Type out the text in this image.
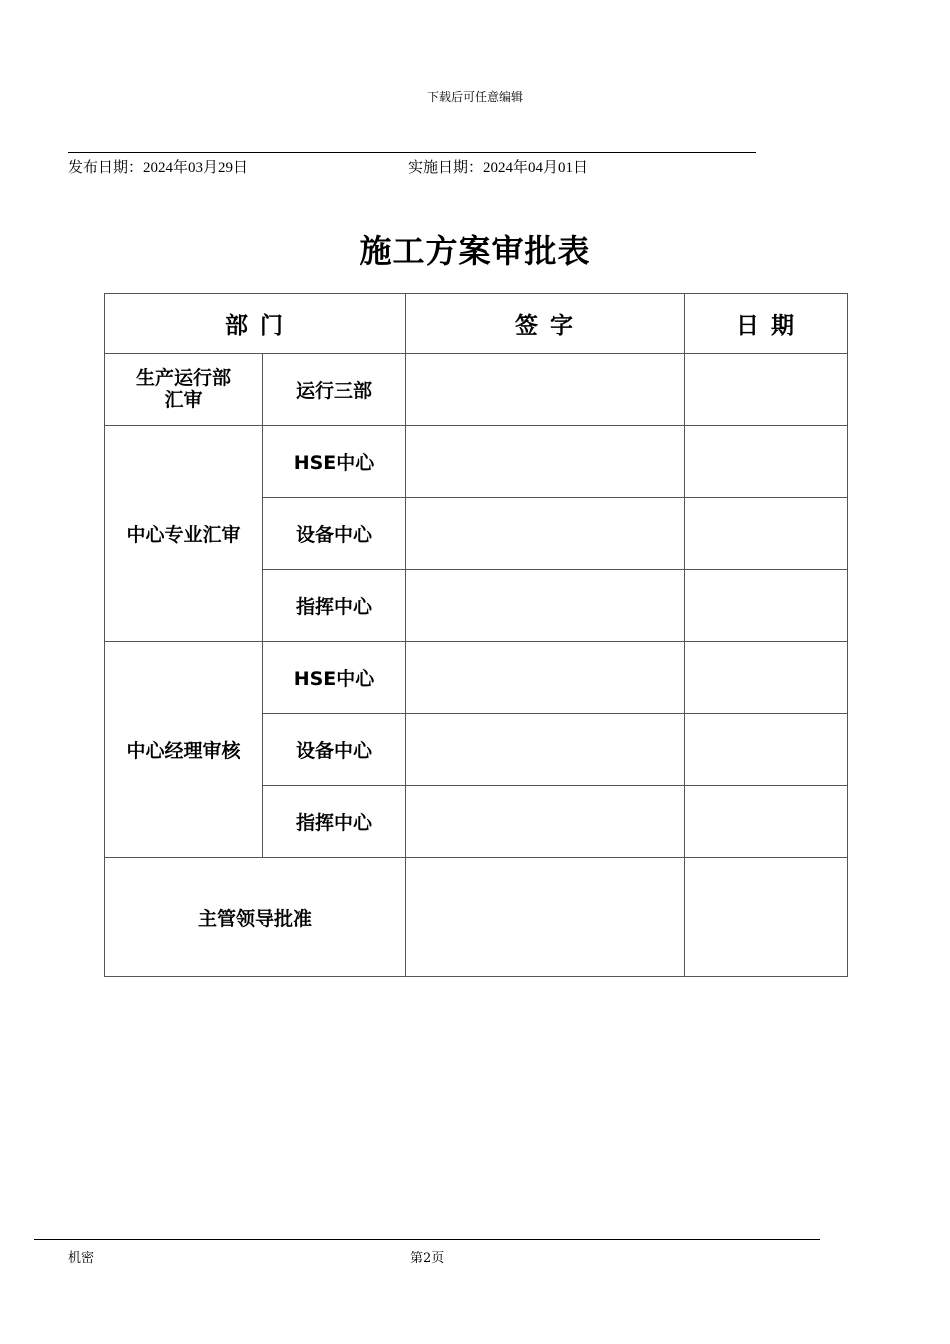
下载后可任意编辑
发布日期：2024年03月29日	实施日期：2024年04月01日
施工方案审批表
部 门		签 字	日 期

生产运行部
汇审	运行三部		
中心专业汇审	HSE中心		
	设备中心		
	指挥中心		
中心经理审核	HSE中心		
	设备中心		
	指挥中心		
主管领导批准			
机密	第2页
